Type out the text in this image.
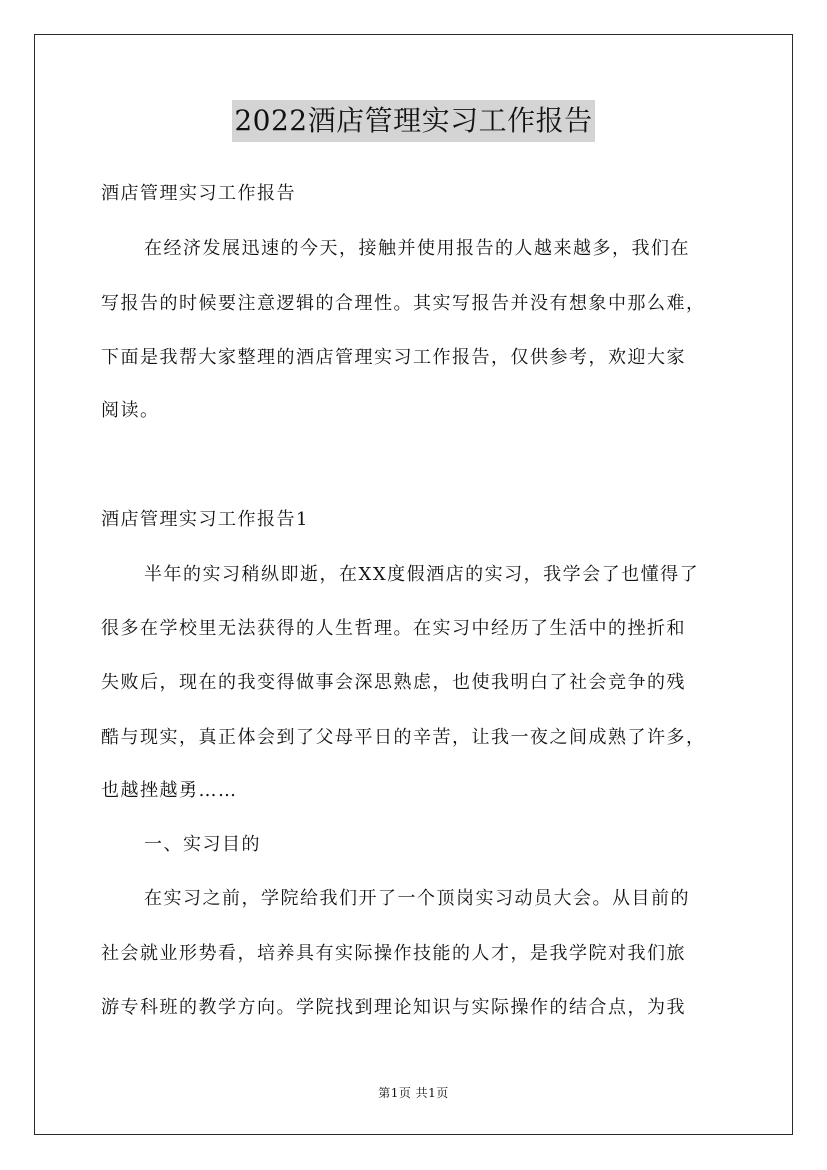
2022酒店管理实习工作报告
酒店管理实习工作报告
在经济发展迅速的今天，接触并使用报告的人越来越多，我们在
写报告的时候要注意逻辑的合理性。其实写报告并没有想象中那么难，
下面是我帮大家整理的酒店管理实习工作报告，仅供参考，欢迎大家
阅读。
酒店管理实习工作报告1
半年的实习稍纵即逝，在XX度假酒店的实习，我学会了也懂得了
很多在学校里无法获得的人生哲理。在实习中经历了生活中的挫折和
失败后，现在的我变得做事会深思熟虑，也使我明白了社会竞争的残
酷与现实，真正体会到了父母平日的辛苦，让我一夜之间成熟了许多，
也越挫越勇……
一、实习目的
在实习之前，学院给我们开了一个顶岗实习动员大会。从目前的
社会就业形势看，培养具有实际操作技能的人才，是我学院对我们旅
游专科班的教学方向。学院找到理论知识与实际操作的结合点，为我
第1页 共1页
